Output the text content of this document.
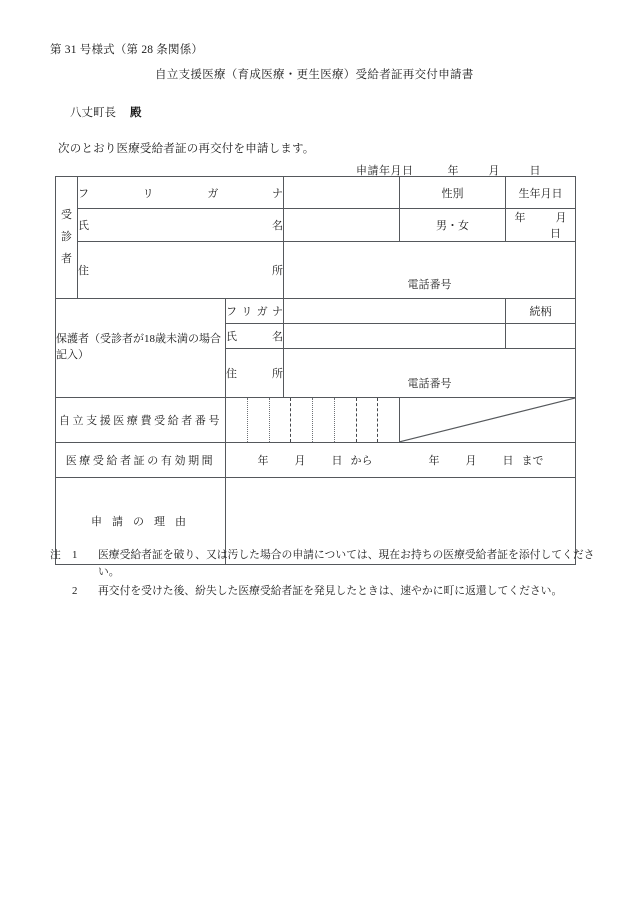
第 31 号様式（第 28 条関係）
自立支援医療（育成医療・更生医療）受給者証再交付申請書
八丈町長 殿
次のとおり医療受給者証の再交付を申請します。
申請年月日	年	月	日
受
診
者	フ リ ガ ナ			性別	生年月日

	氏 名			男・女	年 月日

	住 所		電話番号		

保護者（受診者が18歳未満の場合記入）		フ リ ガ ナ			続柄

		氏 名			

		住 所	電話番号		

自立支援医療費受給者番号

医療受給者証の有効期間		年 月 日 から 年 月 日 まで			

申請の理由					

注	1	医療受給者証を破り、又は汚した場合の申請については、現在お持ちの医療受給者証を添付してください。
2	再交付を受けた後、紛失した医療受給者証を発見したときは、速やかに町に返還してください。
